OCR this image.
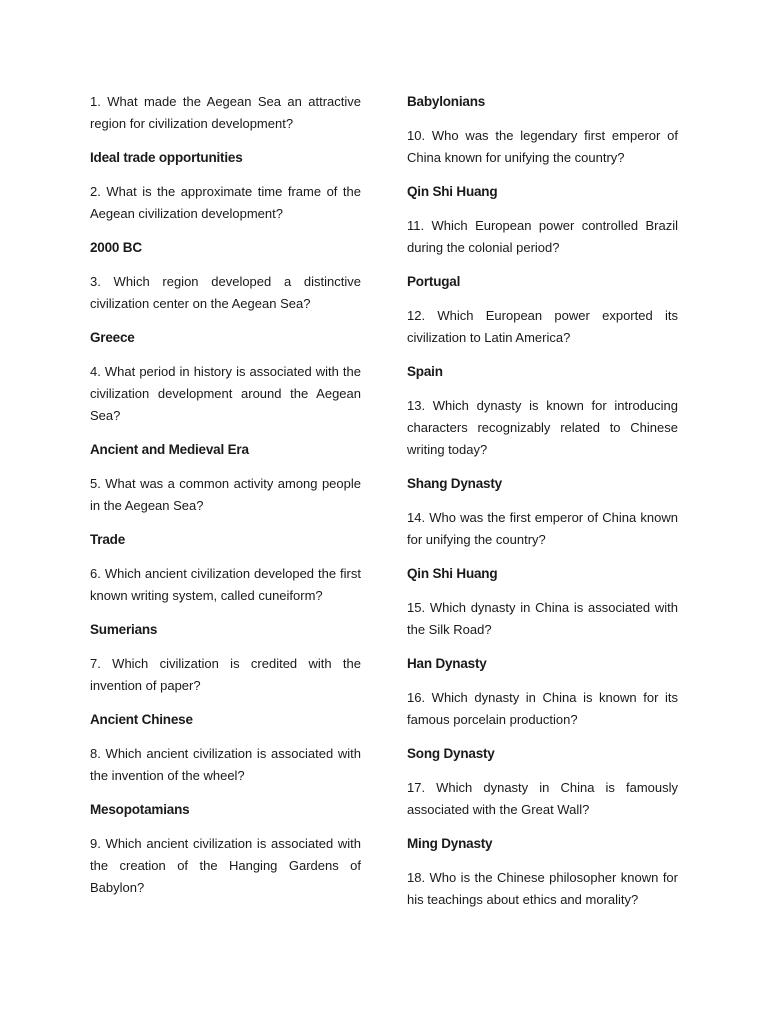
1. What made the Aegean Sea an attractive region for civilization development?

Ideal trade opportunities

2. What is the approximate time frame of the Aegean civilization development?

2000 BC

3. Which region developed a distinctive civilization center on the Aegean Sea?

Greece

4. What period in history is associated with the civilization development around the Aegean Sea?

Ancient and Medieval Era

5. What was a common activity among people in the Aegean Sea?

Trade

6. Which ancient civilization developed the first known writing system, called cuneiform?

Sumerians

7. Which civilization is credited with the invention of paper?

Ancient Chinese

8. Which ancient civilization is associated with the invention of the wheel?

Mesopotamians

9. Which ancient civilization is associated with the creation of the Hanging Gardens of Babylon?

Babylonians

10. Who was the legendary first emperor of China known for unifying the country?

Qin Shi Huang

11. Which European power controlled Brazil during the colonial period?

Portugal

12. Which European power exported its civilization to Latin America?

Spain

13. Which dynasty is known for introducing characters recognizably related to Chinese writing today?

Shang Dynasty

14. Who was the first emperor of China known for unifying the country?

Qin Shi Huang

15. Which dynasty in China is associated with the Silk Road?

Han Dynasty

16. Which dynasty in China is known for its famous porcelain production?

Song Dynasty

17. Which dynasty in China is famously associated with the Great Wall?

Ming Dynasty

18. Who is the Chinese philosopher known for his teachings about ethics and morality?
